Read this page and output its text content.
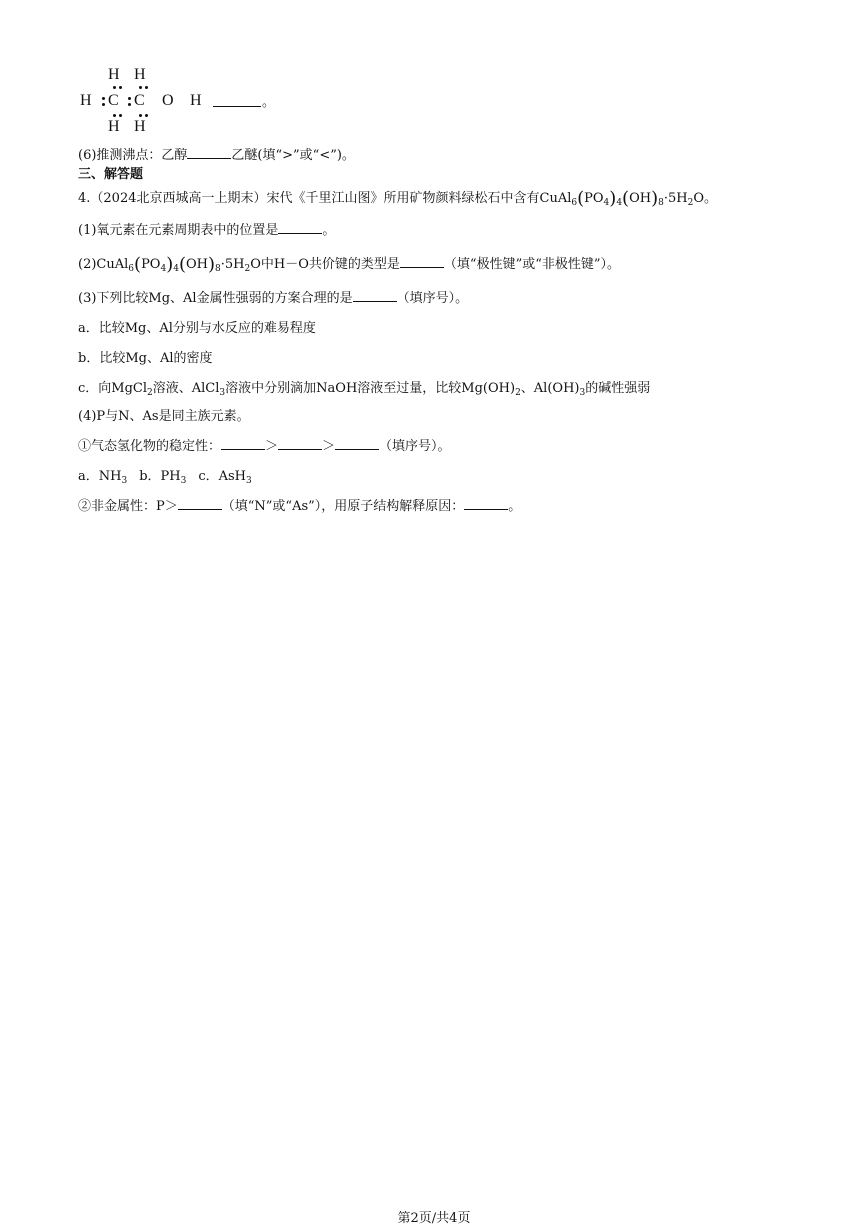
H H
H C C O H
H H
。
(6)推测沸点：乙醇	乙醚(填“>”或“<”)。
三、解答题
4.（2024北京西城高一上期末）宋代《千里江山图》所用矿物颜料绿松石中含有$CuAl_6(PO_4)_4(OH)_8\cdot 5H_2O$。
(1)氧元素在元素周期表中的位置是	。
$(2)CuAl_6(PO_4)_4(OH)_8\cdot 5H_2O$中H－O共价键的类型是	（填“极性键”或“非极性键”）。
(3)下列比较Mg、Al金属性强弱的方案合理的是	（填序号）。
a．比较Mg、Al分别与水反应的难易程度
b．比较Mg、Al的密度
c．向MgCl$_2$溶液、AlCl$_3$溶液中分别滴加NaOH溶液至过量，比较$Mg(OH)_2$、$Al(OH)_3$的碱性强弱
(4)P与N、As是同主族元素。
①气态氢化物的稳定性：	＞	＞	（填序号）。
a．$NH_3$ b．$PH_3$ c．AsH$_3$
②非金属性：P＞	（填“N”或“As”），用原子结构解释原因：	。
第2页/共4页
